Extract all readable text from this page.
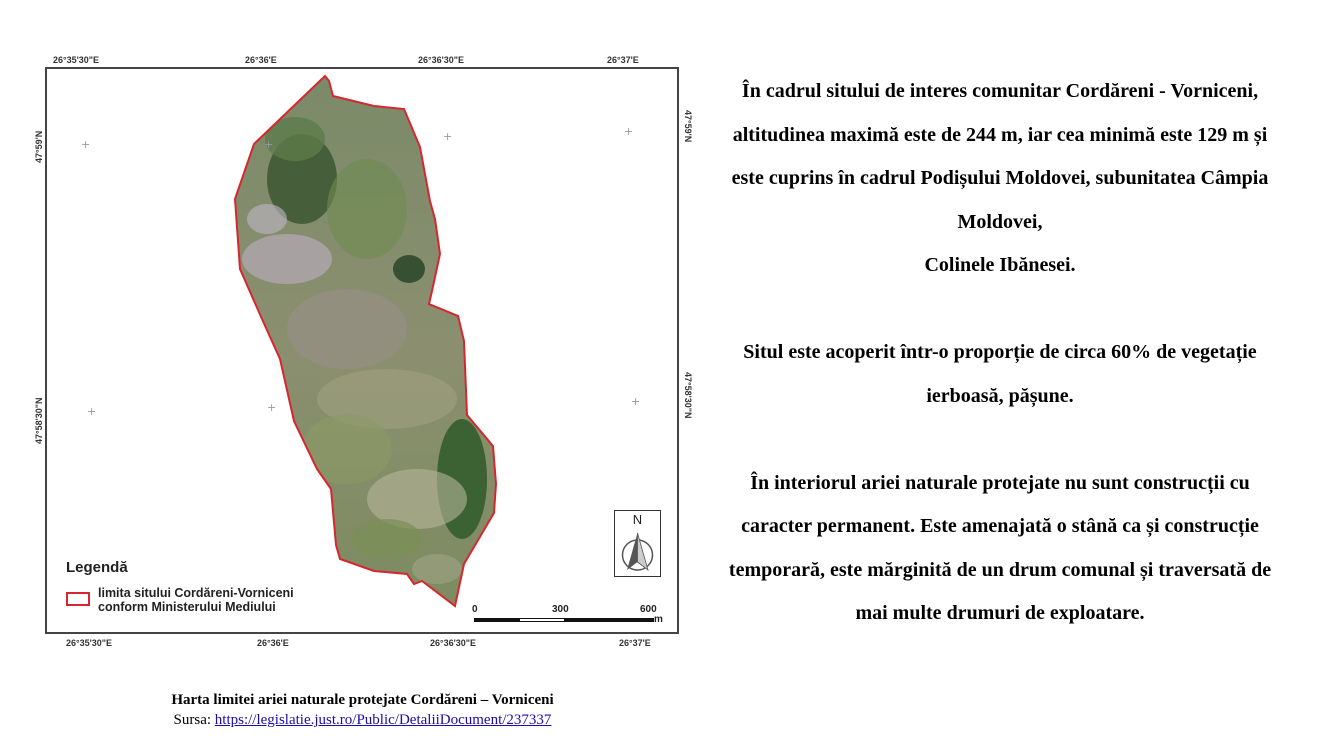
26°35'30"E	26°36'E	26°36'30"E	26°37'E
26°35'30"E	26°36'E	26°36'30"E	26°37'E
47°59'N
47°58'30"N
47°59'N
47°58'30"N
+	+
+	+
+	+	+
Legendă
limita sitului Cordăreni-Vorniceni
conform Ministerului Mediului
N
0	300	600
m
Harta limitei ariei naturale protejate Cordăreni – Vorniceni
Sursa: https://legislatie.just.ro/Public/DetaliiDocument/237337

În cadrul sitului de interes comunitar Cordăreni - Vorniceni, altitudinea maximă este de 244 m, iar cea minimă este 129 m și este cuprins în cadrul Podișului Moldovei, subunitatea Câmpia Moldovei,

Colinele Ibănesei.

Situl este acoperit într-o proporție de circa 60% de vegetație ierboasă, pășune.

În interiorul ariei naturale protejate nu sunt construcții cu caracter permanent. Este amenajată o stână ca și construcție temporară, este mărginită de un drum comunal și traversată de mai multe drumuri de exploatare.
